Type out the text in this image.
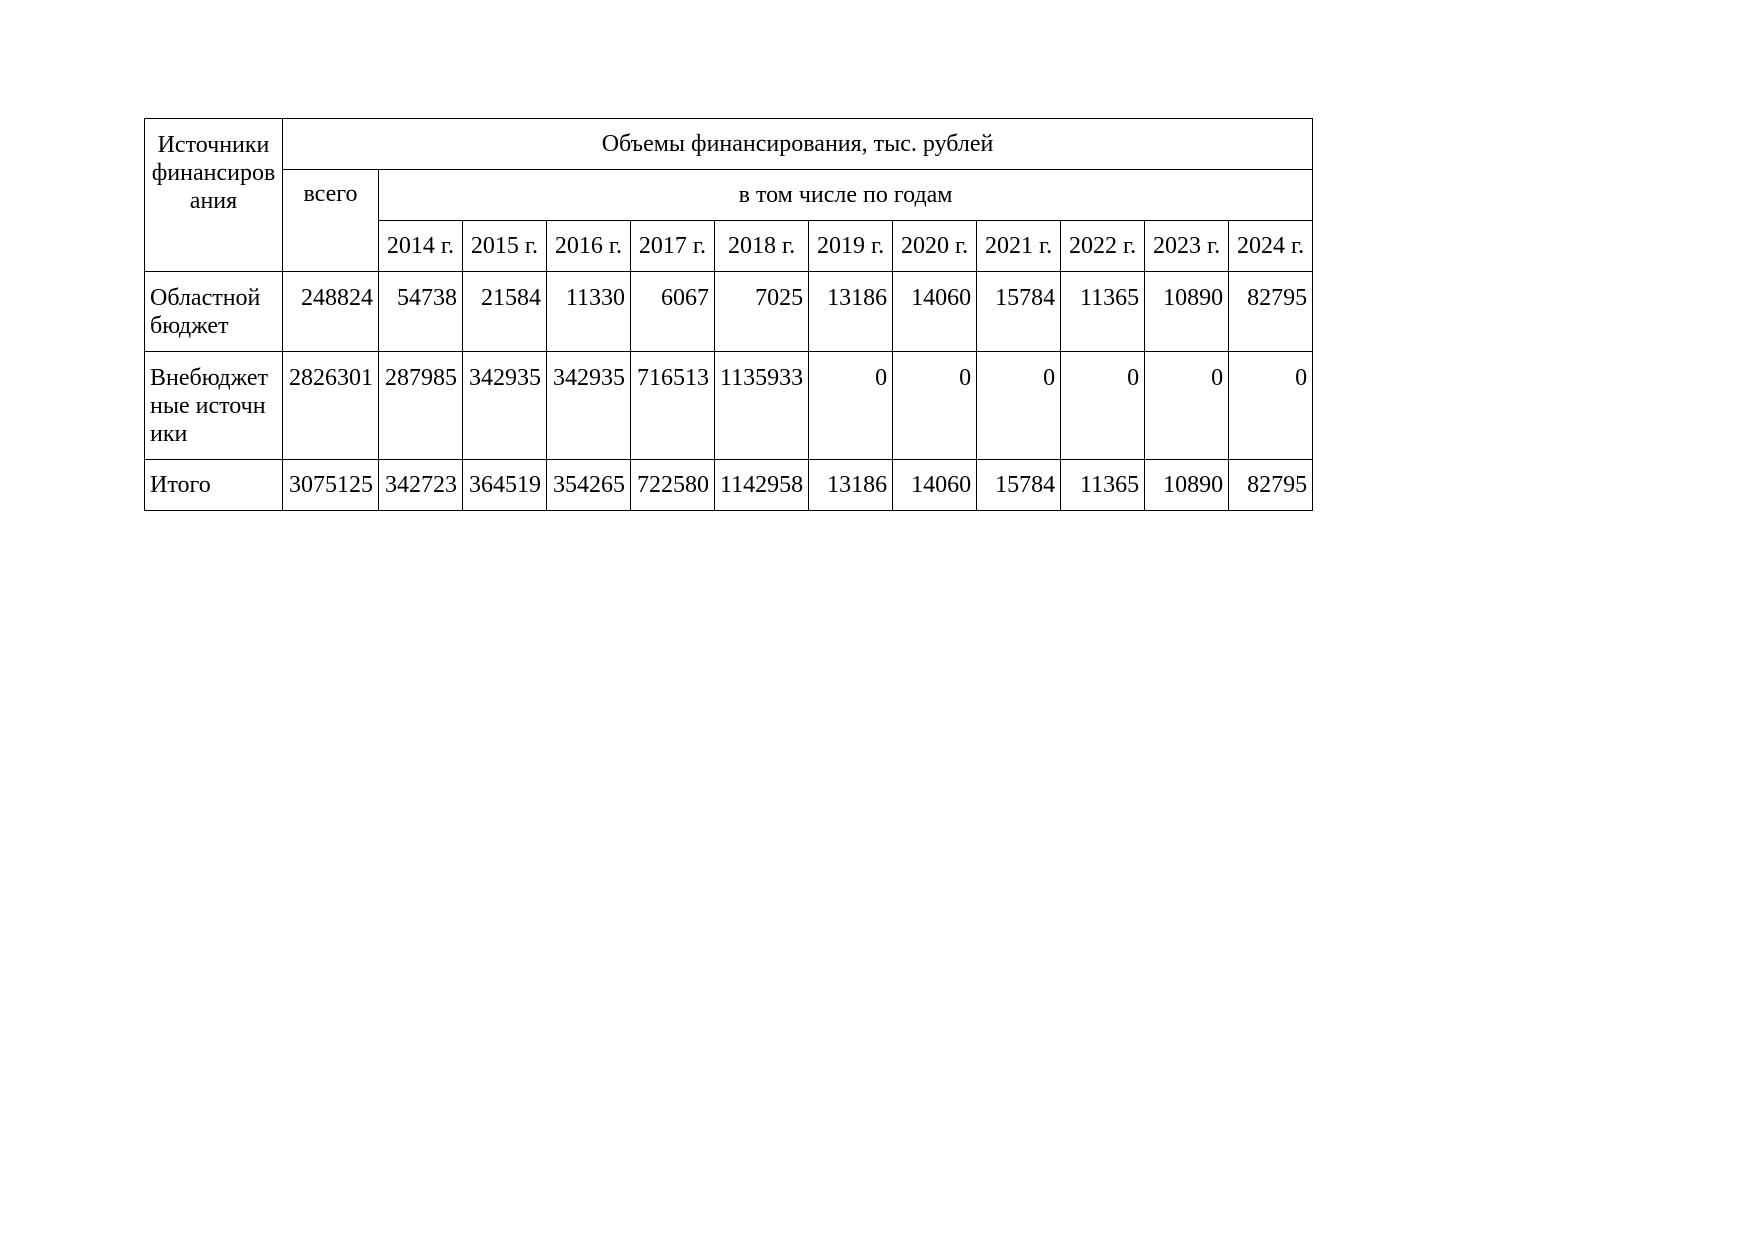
Источники финансиров ания	Объемы финансирования, тыс. рублей											
	всего	в том числе по годам										
		2014 г.	2015 г.	2016 г.	2017 г.	2018 г.	2019 г.	2020 г.	2021 г.	2022 г.	2023 г.	2024 г.
Областной бюджет	248824	54738	21584	11330	6067	7025	13186	14060	15784	11365	10890	82795
Внебюджет ные источники	2826301	287985	342935	342935	716513	1135933	0	0	0	0	0	0
Итого	3075125	342723	364519	354265	722580	1142958	13186	14060	15784	11365	10890	82795
